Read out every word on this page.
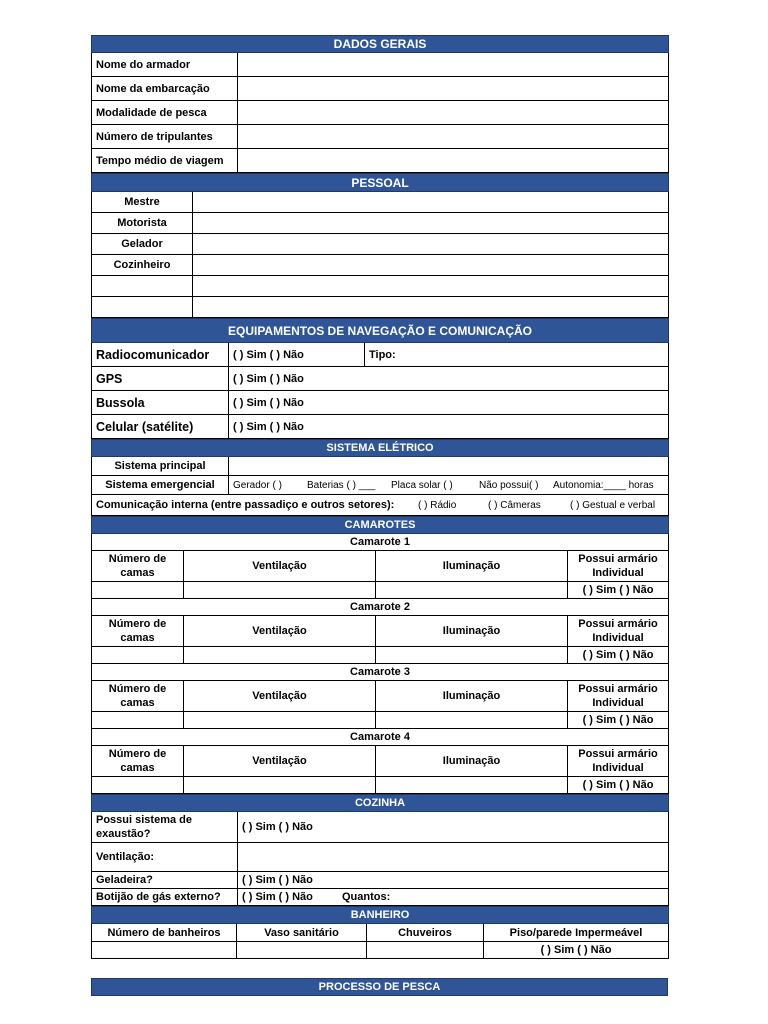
DADOS GERAIS	
Nome do armador	
Nome da embarcação	
Modalidade de pesca	
Número de tripulantes	
Tempo médio de viagem	
PESSOAL	
Mestre	
Motorista	
Gelador	
Cozinheiro	

EQUIPAMENTOS DE NAVEGAÇÃO E COMUNICAÇÃO		
Radiocomunicador	( ) Sim ( ) Não	Tipo:
GPS	( ) Sim ( ) Não	
Bussola	( ) Sim ( ) Não	
Celular (satélite)	( ) Sim ( ) Não	
SISTEMA ELÉTRICO	
Sistema principal	
Sistema emergencial	Gerador ( ) Baterias ( ) ___ Placa solar ( ) Não possui( ) Autonomia:____ horas
Comunicação interna (entre passadiço e outros setores): ( ) Rádio ( ) Câmeras ( ) Gestual e verbal	
CAMAROTES			
Camarote 1			
Número de camas	Ventilação	Iluminação	Possui armário Individual
			( ) Sim ( ) Não
Camarote 2			
Número de camas	Ventilação	Iluminação	Possui armário Individual
			( ) Sim ( ) Não
Camarote 3			
Número de camas	Ventilação	Iluminação	Possui armário Individual
			( ) Sim ( ) Não
Camarote 4			
Número de camas	Ventilação	Iluminação	Possui armário Individual
			( ) Sim ( ) Não
COZINHA	
Possui sistema de exaustão?	( ) Sim ( ) Não
Ventilação:	
Geladeira?	( ) Sim ( ) Não
Botijão de gás externo?	( ) Sim ( ) Não Quantos:
BANHEIRO			
Número de banheiros	Vaso sanitário	Chuveiros	Piso/parede Impermeável
			( ) Sim ( ) Não
PROCESSO DE PESCA
